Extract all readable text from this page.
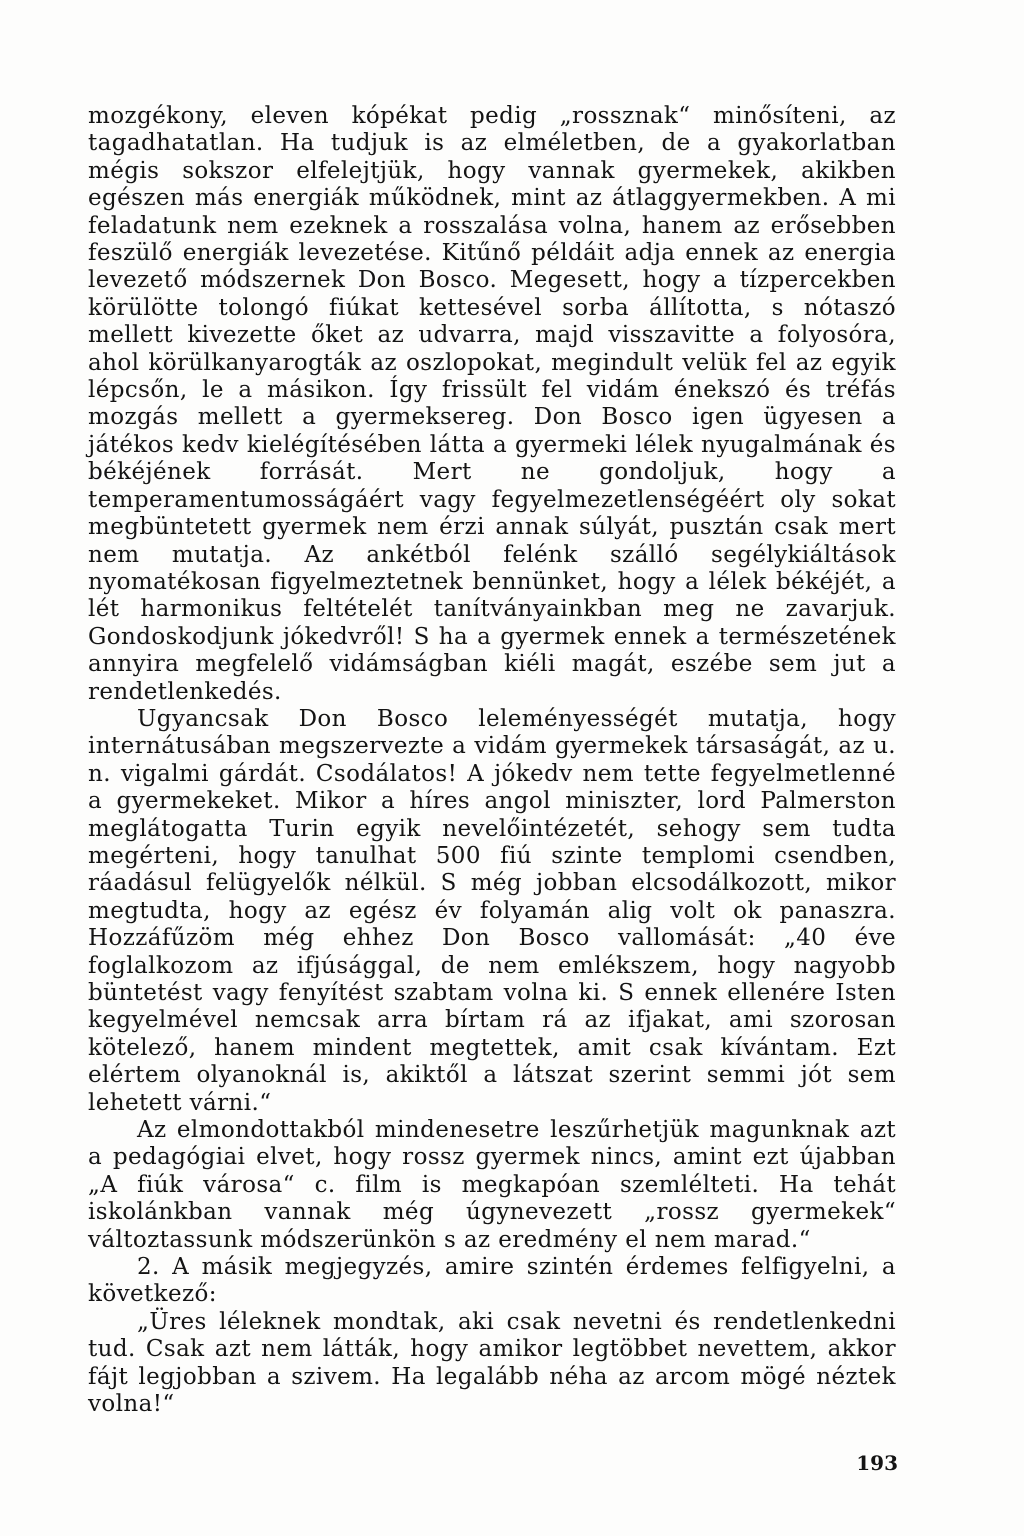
mozgékony, eleven kópékat pedig „rossznak“ minősíteni, az tagadhatatlan. Ha tudjuk is az elméletben, de a gyakorlatban mégis sokszor elfelejtjük, hogy vannak gyermekek, akikben egészen más energiák működnek, mint az átlaggyermekben. A mi feladatunk nem ezeknek a rosszalása volna, hanem az erősebben feszülő energiák levezetése. Kitűnő példáit adja ennek az energia levezető módszernek Don Bosco. Megesett, hogy a tízpercekben körülötte tolongó fiúkat kettesével sorba állította, s nótaszó mellett kivezette őket az udvarra, majd visszavitte a folyosóra, ahol körülkanyarogták az oszlopokat, megindult velük fel az egyik lépcsőn, le a másikon. Így frissült fel vidám énekszó és tréfás mozgás mellett a gyermeksereg. Don Bosco igen ügyesen a játékos kedv kielégítésében látta a gyermeki lélek nyugalmának és békéjének forrását. Mert ne gondoljuk, hogy a temperamentumosságáért vagy fegyelmezetlenségéért oly sokat megbüntetett gyermek nem érzi annak súlyát, pusztán csak mert nem mutatja. Az ankétból felénk szálló segélykiáltások nyomatékosan figyelmeztetnek bennünket, hogy a lélek békéjét, a lét harmonikus feltételét tanítványainkban meg ne zavarjuk. Gondoskodjunk jókedvről! S ha a gyermek ennek a természetének annyira megfelelő vidámságban kiéli magát, eszébe sem jut a rendetlenkedés.

Ugyancsak Don Bosco leleményességét mutatja, hogy internátusában megszervezte a vidám gyermekek társaságát, az u. n. vigalmi gárdát. Csodálatos! A jókedv nem tette fegyelmetlenné a gyermekeket. Mikor a híres angol miniszter, lord Palmerston meglátogatta Turin egyik nevelőintézetét, sehogy sem tudta megérteni, hogy tanulhat 500 fiú szinte templomi csendben, ráadásul felügyelők nélkül. S még jobban elcsodálkozott, mikor megtudta, hogy az egész év folyamán alig volt ok panaszra. Hozzáfűzöm még ehhez Don Bosco vallomását: „40 éve foglalkozom az ifjúsággal, de nem emlékszem, hogy nagyobb büntetést vagy fenyítést szabtam volna ki. S ennek ellenére Isten kegyelmével nemcsak arra bírtam rá az ifjakat, ami szorosan kötelező, hanem mindent megtettek, amit csak kívántam. Ezt elértem olyanoknál is, akiktől a látszat szerint semmi jót sem lehetett várni.“

Az elmondottakból mindenesetre leszűrhetjük magunknak azt a pedagógiai elvet, hogy rossz gyermek nincs, amint ezt újabban „A fiúk városa“ c. film is megkapóan szemlélteti. Ha tehát iskolánkban vannak még úgynevezett „rossz gyermekek“ változtassunk módszerünkön s az eredmény el nem marad.“

2. A másik megjegyzés, amire szintén érdemes felfigyelni, a következő:

„Üres léleknek mondtak, aki csak nevetni és rendetlenkedni tud. Csak azt nem látták, hogy amikor legtöbbet nevettem, akkor fájt legjobban a szivem. Ha legalább néha az arcom mögé néztek volna!“

193
